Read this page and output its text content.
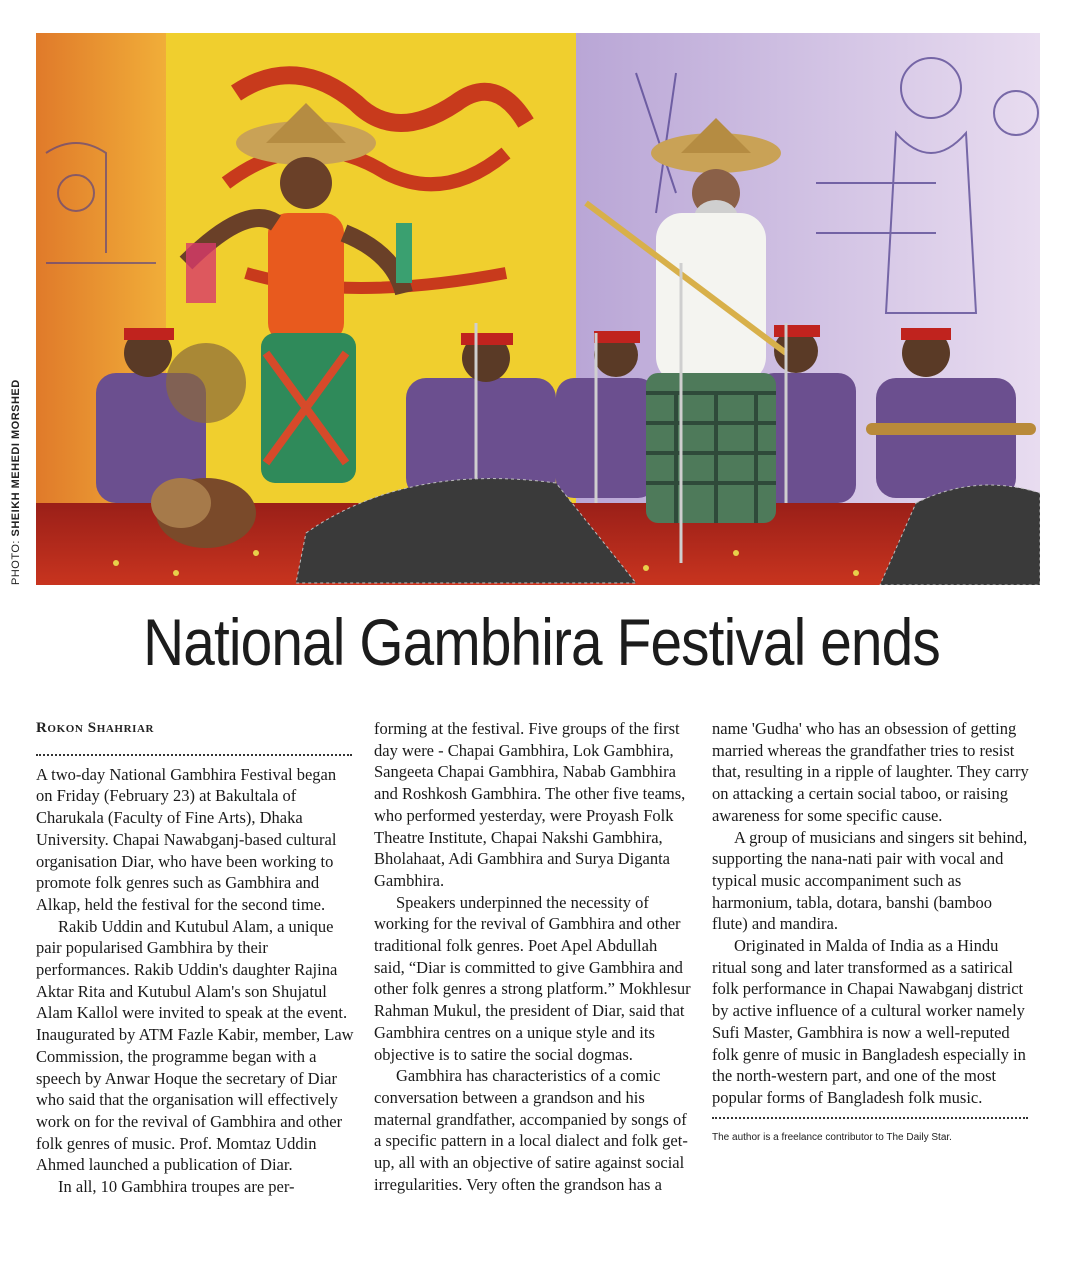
PHOTO: SHEIKH MEHEDI MORSHED
National Gambhira Festival ends
Rokon Shahriar

A two-day National Gambhira Festival began on Friday (February 23) at Bakultala of Charukala (Faculty of Fine Arts), Dhaka University. Chapai Nawabganj-based cultural organisation Diar, who have been working to promote folk genres such as Gambhira and Alkap, held the festival for the second time.

Rakib Uddin and Kutubul Alam, a unique pair popularised Gambhira by their performances. Rakib Uddin's daughter Rajina Aktar Rita and Kutubul Alam's son Shujatul Alam Kallol were invited to speak at the event. Inaugurated by ATM Fazle Kabir, member, Law Commission, the programme began with a speech by Anwar Hoque the secretary of Diar who said that the organisation will effectively work on for the revival of Gambhira and other folk genres of music. Prof. Momtaz Uddin Ahmed launched a publication of Diar.

In all, 10 Gambhira troupes are per-

forming at the festival. Five groups of the first day were - Chapai Gambhira, Lok Gambhira, Sangeeta Chapai Gambhira, Nabab Gambhira and Roshkosh Gambhira. The other five teams, who performed yesterday, were Proyash Folk Theatre Institute, Chapai Nakshi Gambhira, Bholahaat, Adi Gambhira and Surya Diganta Gambhira.

Speakers underpinned the necessity of working for the revival of Gambhira and other traditional folk genres. Poet Apel Abdullah said, “Diar is committed to give Gambhira and other folk genres a strong platform.” Mokhlesur Rahman Mukul, the president of Diar, said that Gambhira centres on a unique style and its objective is to satire the social dogmas.

Gambhira has characteristics of a comic conversation between a grandson and his maternal grandfather, accompanied by songs of a specific pattern in a local dialect and folk get-up, all with an objective of satire against social irregularities. Very often the grandson has a

name 'Gudha' who has an obsession of getting married whereas the grandfather tries to resist that, resulting in a ripple of laughter. They carry on attacking a certain social taboo, or raising awareness for some specific cause.

A group of musicians and singers sit behind, supporting the nana-nati pair with vocal and typical music accompaniment such as harmonium, tabla, dotara, banshi (bamboo flute) and mandira.

Originated in Malda of India as a Hindu ritual song and later transformed as a satirical folk performance in Chapai Nawabganj district by active influence of a cultural worker namely Sufi Master, Gambhira is now a well-reputed folk genre of music in Bangladesh especially in the north-western part, and one of the most popular forms of Bangladesh folk music.

The author is a freelance contributor to The Daily Star.
